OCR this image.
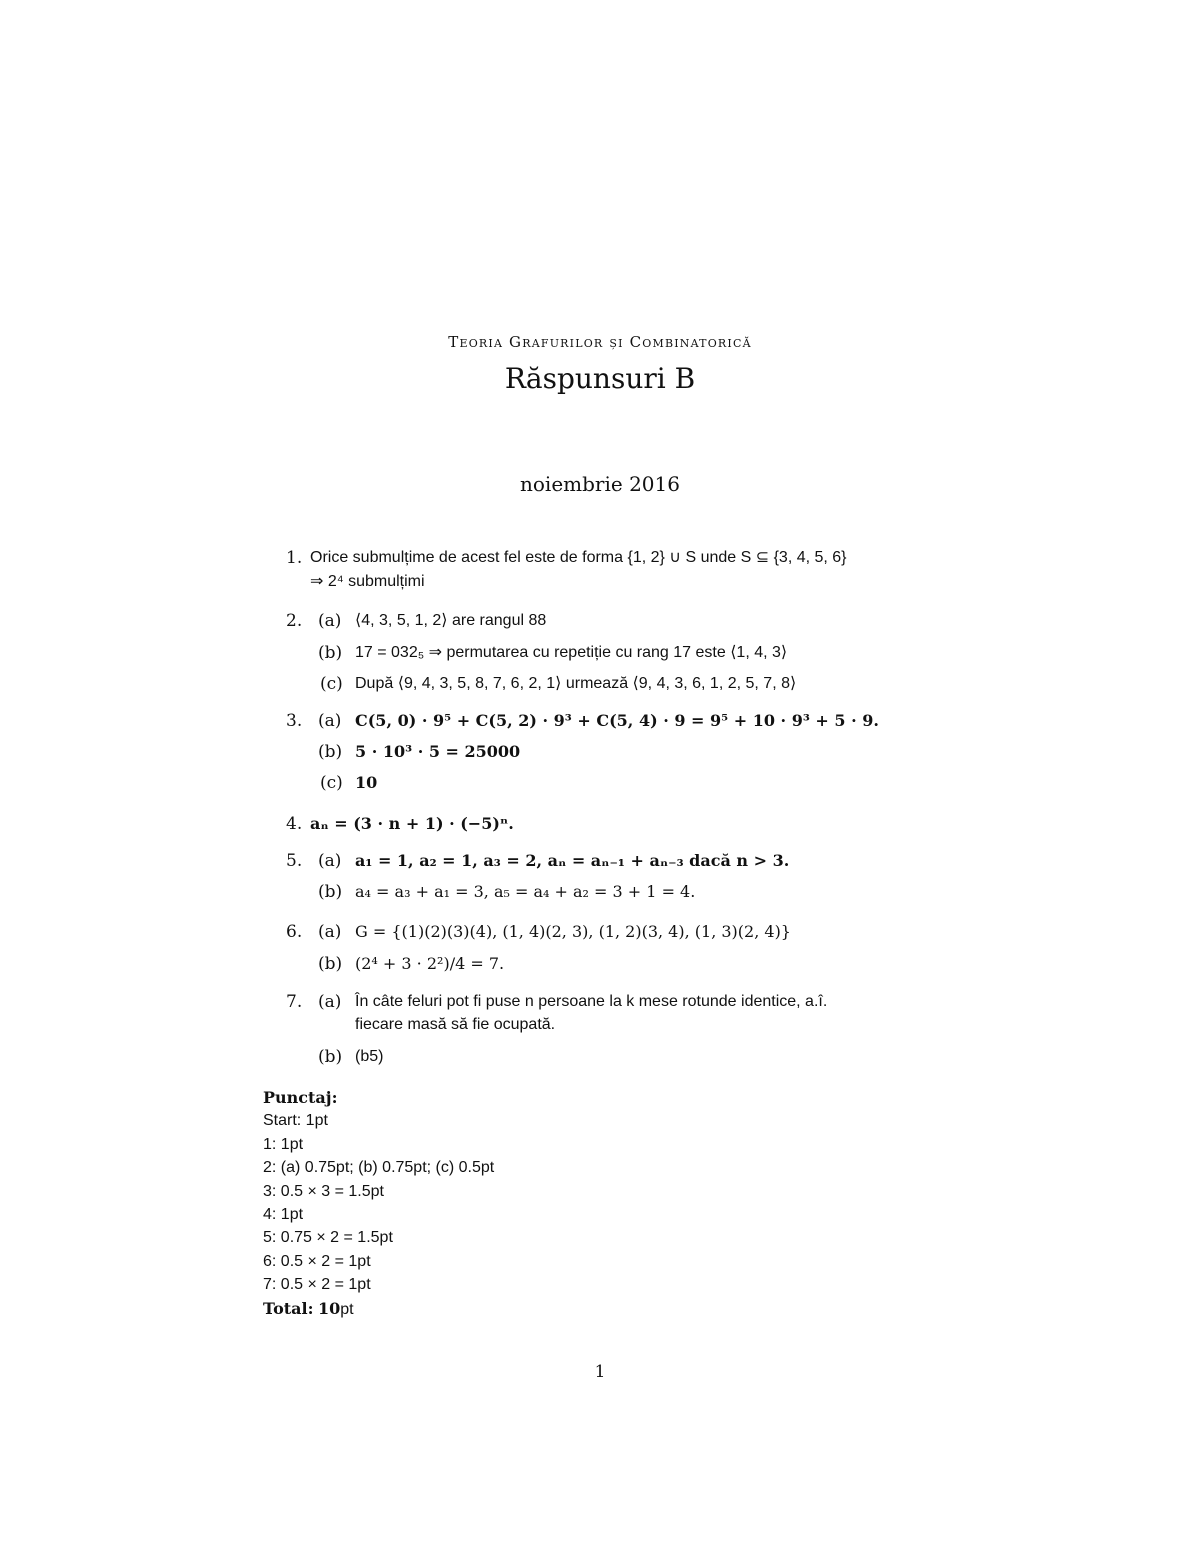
Teoria Grafurilor și Combinatorică
Răspunsuri B
noiembrie 2016
1. Orice submulțime de acest fel este de forma {1, 2} ∪ S unde S ⊆ {3, 4, 5, 6}
⇒ 2⁴ submulțimi
2. (a) ⟨4, 3, 5, 1, 2⟩ are rangul 88
(b) 17 = 032₅ ⇒ permutarea cu repetiție cu rang 17 este ⟨1, 4, 3⟩
(c) După ⟨9, 4, 3, 5, 8, 7, 6, 2, 1⟩ urmează ⟨9, 4, 3, 6, 1, 2, 5, 7, 8⟩
3. (a) C(5, 0) · 9⁵ + C(5, 2) · 9³ + C(5, 4) · 9 = 9⁵ + 10 · 9³ + 5 · 9.
(b) 5 · 10³ · 5 = 25000
(c) 10
4. aₙ = (3 · n + 1) · (−5)ⁿ.
5. (a) a₁ = 1, a₂ = 1, a₃ = 2, aₙ = aₙ₋₁ + aₙ₋₃ dacă n > 3.
(b) a₄ = a₃ + a₁ = 3, a₅ = a₄ + a₂ = 3 + 1 = 4.
6. (a) G = {(1)(2)(3)(4), (1, 4)(2, 3), (1, 2)(3, 4), (1, 3)(2, 4)}
(b) (2⁴ + 3 · 2²)/4 = 7.
7. (a) În câte feluri pot fi puse n persoane la k mese rotunde identice, a.î.
fiecare masă să fie ocupată.
(b) (b5)
Punctaj:
Start: 1pt
1: 1pt
2: (a) 0.75pt; (b) 0.75pt; (c) 0.5pt
3: 0.5 × 3 = 1.5pt
4: 1pt
5: 0.75 × 2 = 1.5pt
6: 0.5 × 2 = 1pt
7: 0.5 × 2 = 1pt
Total: 10pt
1
